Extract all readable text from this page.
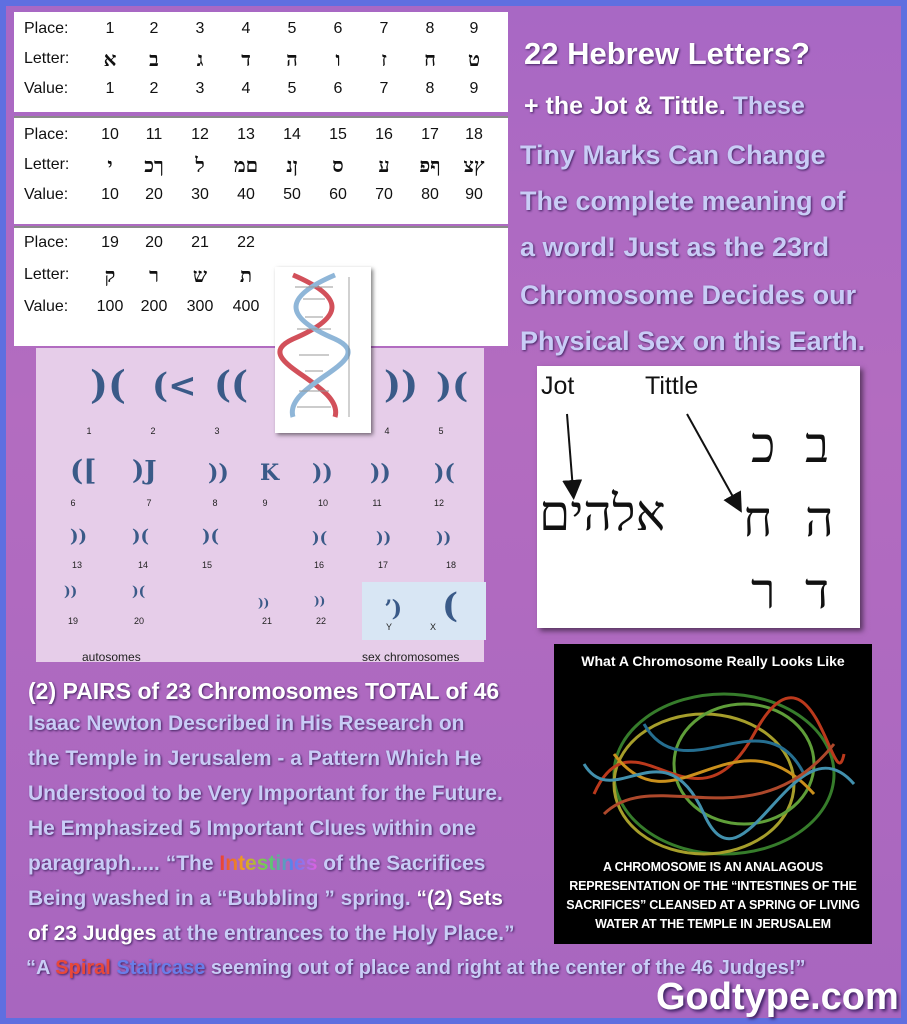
Place:	1	2	3	4	5	6	7	8	9
Letter:	א	ב	ג	ד	ה	ו	ז	ח	ט
Value:	1	2	3	4	5	6	7	8	9
Place:	10	11	12	13	14	15	16	17	18
Letter:	י	ךכ	ל	םמ	ןנ	ס	ע	ףפ	ץצ
Value:	10	20	30	40	50	60	70	80	90
Place:	19	20	21	22
Letter:	ק	ר	ש	ת
Value:	100	200	300	400
)(
1
(<
2
((
3
))
4
)(
5
([
6
)J
7
))
8
K
9
))
10
))
11
)(
12
))
13
)(
14
)(
15
)(
16
))
17
))
18
))
19
)(
20
))
21
))
22	ʼ)
Y
(
X
autosomes	sex chromosomes
22 Hebrew Letters?
+ the Jot & Tittle. These
Tiny Marks Can Change
The complete meaning of
a word! Just as the 23rd
Chromosome Decides our
Physical Sex on this Earth.
Jot	Tittle
אלהים
כ ב
ה
ח
ד
ר
What A Chromosome Really Looks Like
A CHROMOSOME IS AN ANALAGOUS REPRESENTATION OF THE “INTESTINES OF THE SACRIFICES” CLEANSED AT A SPRING OF LIVING WATER AT THE TEMPLE IN JERUSALEM
(2) PAIRS of 23 Chromosomes TOTAL of 46
Isaac Newton Described in His Research on
the Temple in Jerusalem - a Pattern Which He
Understood to be Very Important for the Future.
He Emphasized 5 Important Clues within one
paragraph..... “The Intestines of the Sacrifices
Being washed in a “Bubbling ” spring. “(2) Sets
of 23 Judges at the entrances to the Holy Place.”
“A Spiral Staircase seeming out of place and right at the center of the 46 Judges!”
Godtype.com
